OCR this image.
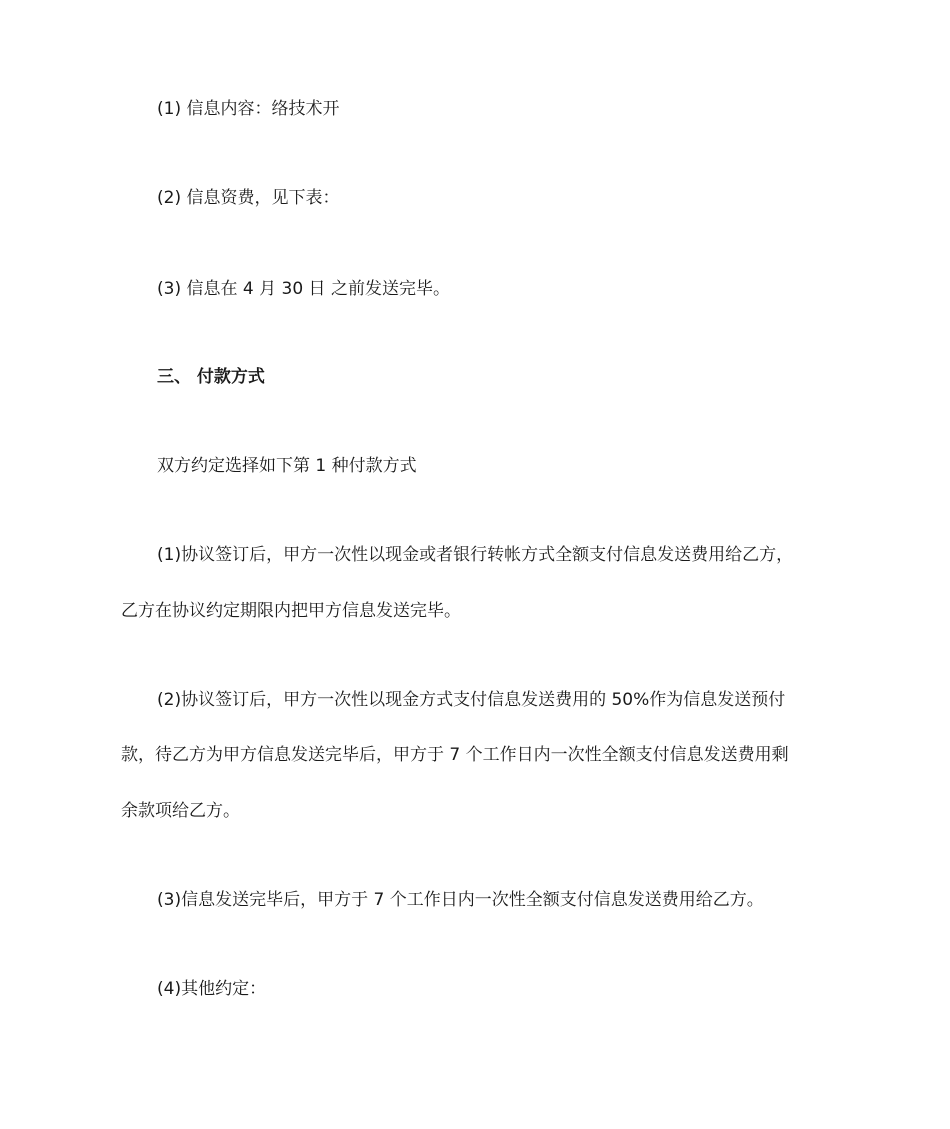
(1) 信息内容：络技术开

(2) 信息资费，见下表：

(3) 信息在 4 月 30 日 之前发送完毕。

三、 付款方式

双方约定选择如下第 1 种付款方式

(1)协议签订后，甲方一次性以现金或者银行转帐方式全额支付信息发送费用给乙方，

乙方在协议约定期限内把甲方信息发送完毕。

(2)协议签订后，甲方一次性以现金方式支付信息发送费用的 50%作为信息发送预付

款，待乙方为甲方信息发送完毕后，甲方于 7 个工作日内一次性全额支付信息发送费用剩

余款项给乙方。

(3)信息发送完毕后，甲方于 7 个工作日内一次性全额支付信息发送费用给乙方。

(4)其他约定：
